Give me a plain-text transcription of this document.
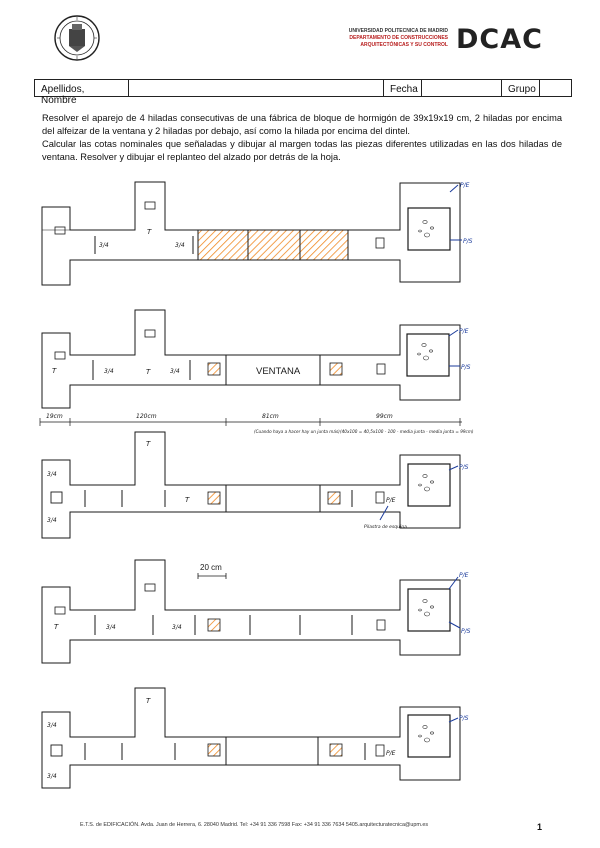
UNIVERSIDAD POLITECNICA DE MADRID
DEPARTAMENTO DE CONSTRUCCIONES
ARQUITECTÓNICAS Y SU CONTROL DCAC
Apellidos, Nombre
Fecha	Grupo

Resolver el aparejo de 4 hiladas consecutivas de una fábrica de bloque de hormigón de 39x19x19 cm, 2 hiladas por encima del alfeizar de la ventana y 2 hiladas por debajo, así como la hilada por encima del dintel.

Calcular las cotas nominales que señaladas y dibujar al margen todas las piezas diferentes utilizadas en las dos hiladas de ventana. Resolver y dibujar el replanteo del alzado por detrás de la hoja.

3/4
T
3/4
P/E
P/S
T	3/4	T	3/4	VENTANA
P/E
P/S
19cm	120cm	81cm	99cm
(Cuando haya a hacer hay un junta más) (40x100 = 40,5x100 - 100 - media junta - media junta = 99cm)
T
3/4
3/4
T	P/E
P/S
Pilastra de esquina
20 cm
T	3/4	3/4
P/E
P/S
3/4
T
3/4
P/E
P/S
E.T.S. de EDIFICACIÓN. Avda. Juan de Herrera, 6. 28040 Madrid. Tel: +34 91 336 7598 Fax: +34 91 336 7634 5405.arquitecturatecnica@upm.es	1
